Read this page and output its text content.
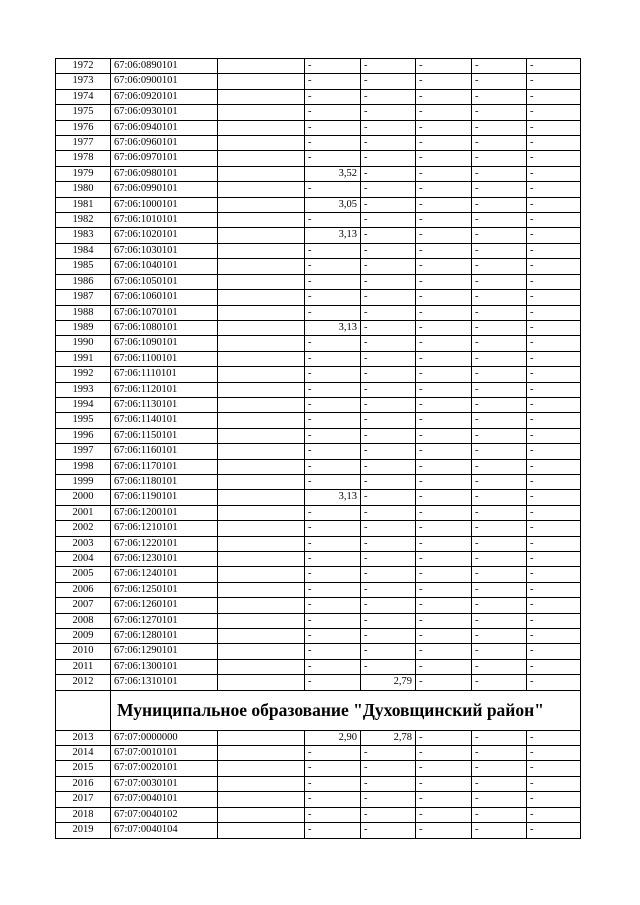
1972	67:06:0890101		-	-	-	-	-
1973	67:06:0900101		-	-	-	-	-
1974	67:06:0920101		-	-	-	-	-
1975	67:06:0930101		-	-	-	-	-
1976	67:06:0940101		-	-	-	-	-
1977	67:06:0960101		-	-	-	-	-
1978	67:06:0970101		-	-	-	-	-
1979	67:06:0980101		3,52	-	-	-	-
1980	67:06:0990101		-	-	-	-	-
1981	67:06:1000101		3,05	-	-	-	-
1982	67:06:1010101		-	-	-	-	-
1983	67:06:1020101		3,13	-	-	-	-
1984	67:06:1030101		-	-	-	-	-
1985	67:06:1040101		-	-	-	-	-
1986	67:06:1050101		-	-	-	-	-
1987	67:06:1060101		-	-	-	-	-
1988	67:06:1070101		-	-	-	-	-
1989	67:06:1080101		3,13	-	-	-	-
1990	67:06:1090101		-	-	-	-	-
1991	67:06:1100101		-	-	-	-	-
1992	67:06:1110101		-	-	-	-	-
1993	67:06:1120101		-	-	-	-	-
1994	67:06:1130101		-	-	-	-	-
1995	67:06:1140101		-	-	-	-	-
1996	67:06:1150101		-	-	-	-	-
1997	67:06:1160101		-	-	-	-	-
1998	67:06:1170101		-	-	-	-	-
1999	67:06:1180101		-	-	-	-	-
2000	67:06:1190101		3,13	-	-	-	-
2001	67:06:1200101		-	-	-	-	-
2002	67:06:1210101		-	-	-	-	-
2003	67:06:1220101		-	-	-	-	-
2004	67:06:1230101		-	-	-	-	-
2005	67:06:1240101		-	-	-	-	-
2006	67:06:1250101		-	-	-	-	-
2007	67:06:1260101		-	-	-	-	-
2008	67:06:1270101		-	-	-	-	-
2009	67:06:1280101		-	-	-	-	-
2010	67:06:1290101		-	-	-	-	-
2011	67:06:1300101		-	-	-	-	-
2012	67:06:1310101		-	2,79	-	-	-
	Муниципальное образование "Духовщинский район"						
2013	67:07:0000000		2,90	2,78	-	-	-
2014	67:07:0010101		-	-	-	-	-
2015	67:07:0020101		-	-	-	-	-
2016	67:07:0030101		-	-	-	-	-
2017	67:07:0040101		-	-	-	-	-
2018	67:07:0040102		-	-	-	-	-
2019	67:07:0040104		-	-	-	-	-
